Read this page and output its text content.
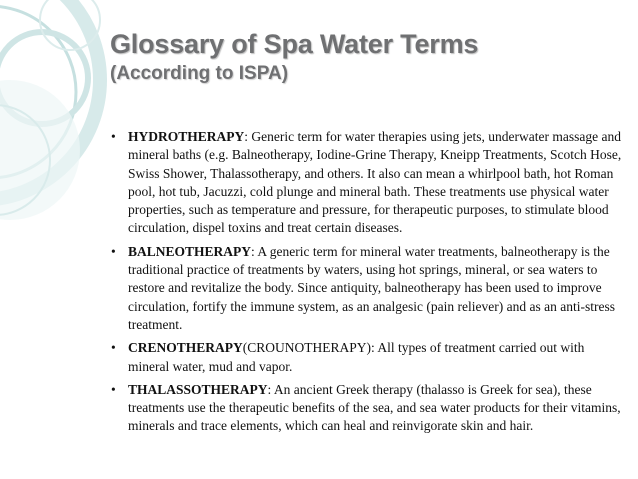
Glossary of Spa Water Terms
(According to ISPA)
• HYDROTHERAPY: Generic term for water therapies using jets, underwater massage and mineral baths (e.g. Balneotherapy, Iodine-Grine Therapy, Kneipp Treatments, Scotch Hose, Swiss Shower, Thalassotherapy, and others. It also can mean a whirlpool bath, hot Roman pool, hot tub, Jacuzzi, cold plunge and mineral bath. These treatments use physical water properties, such as temperature and pressure, for therapeutic purposes, to stimulate blood circulation, dispel toxins and treat certain diseases.
• BALNEOTHERAPY: A generic term for mineral water treatments, balneotherapy is the traditional practice of treatments by waters, using hot springs, mineral, or sea waters to restore and revitalize the body. Since antiquity, balneotherapy has been used to improve circulation, fortify the immune system, as an analgesic (pain reliever) and as an anti-stress treatment.
• CRENOTHERAPY(CROUNOTHERAPY): All types of treatment carried out with mineral water, mud and vapor.
• THALASSOTHERAPY: An ancient Greek therapy (thalasso is Greek for sea), these treatments use the therapeutic benefits of the sea, and sea water products for their vitamins, minerals and trace elements, which can heal and reinvigorate skin and hair.
